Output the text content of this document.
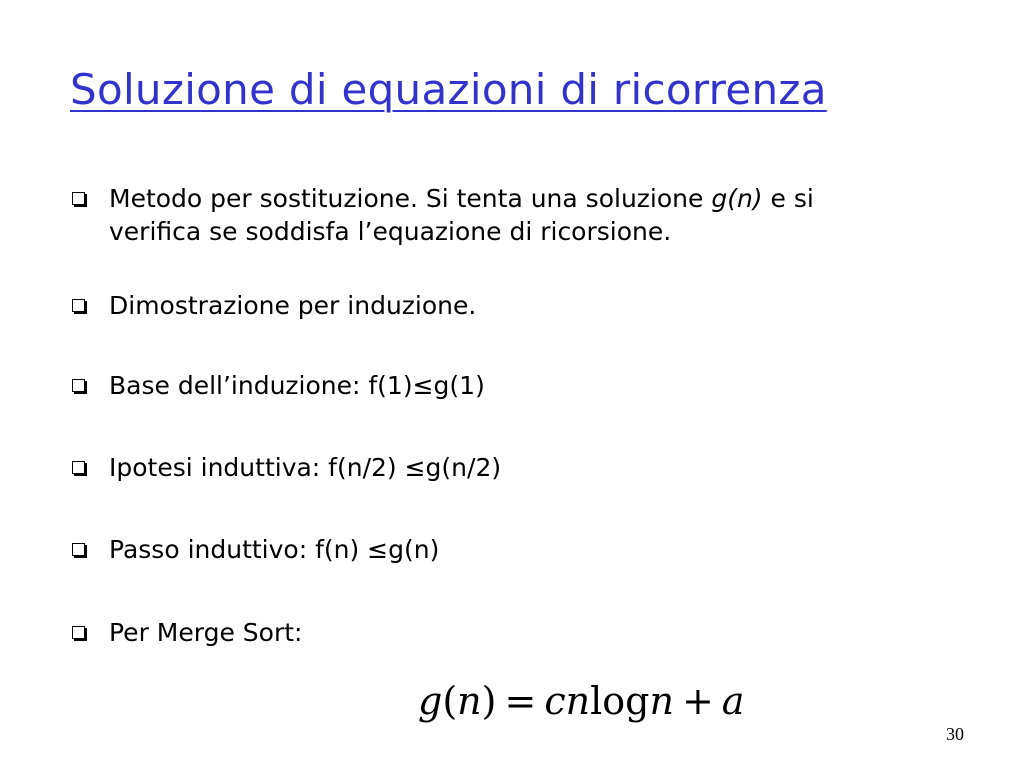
Soluzione di equazioni di ricorrenza
Metodo per sostituzione. Si tenta una soluzione g(n) e si verifica se soddisfa l’equazione di ricorsione.
Dimostrazione per induzione.
Base dell’induzione: f(1)≤g(1)
Ipotesi induttiva: f(n/2) ≤g(n/2)
Passo induttivo: f(n) ≤g(n)
Per Merge Sort:
g(n) = cnlogn + a
30
